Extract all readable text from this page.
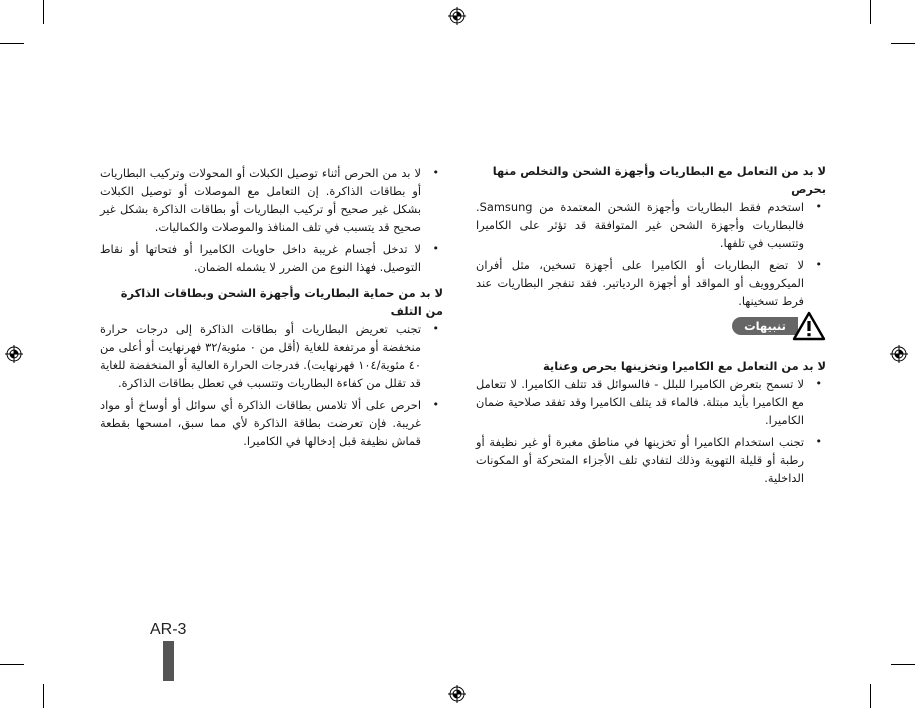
لا بد من التعامل مع البطاريات وأجهزة الشحن والتخلص منها بحرص

•
استخدم فقط البطاريات وأجهزة الشحن المعتمدة من Samsung. فالبطاريات وأجهزة الشحن غير المتوافقة قد تؤثر على الكاميرا وتتسبب في تلفها.
•
لا تضع البطاريات أو الكاميرا على أجهزة تسخين، مثل أفران الميكروويف أو المواقد أو أجهزة الردياتير. فقد تنفجر البطاريات عند فرط تسخينها.
تنبيهات

لا بد من التعامل مع الكاميرا وتخزينها بحرص وعناية

•
لا تسمح بتعرض الكاميرا للبلل - فالسوائل قد تتلف الكاميرا. لا تتعامل مع الكاميرا بأيد مبتلة. فالماء قد يتلف الكاميرا وقد تفقد صلاحية ضمان الكاميرا.
•
تجنب استخدام الكاميرا أو تخزينها في مناطق مغبرة أو غير نظيفة أو رطبة أو قليلة التهوية وذلك لتفادي تلف الأجزاء المتحركة أو المكونات الداخلية.
•
لا بد من الحرص أثناء توصيل الكبلات أو المحولات وتركيب البطاريات أو بطاقات الذاكرة. إن التعامل مع الموصلات أو توصيل الكبلات بشكل غير صحيح أو تركيب البطاريات أو بطاقات الذاكرة بشكل غير صحيح قد يتسبب في تلف المنافذ والموصلات والكماليات.
•
لا تدخل أجسام غريبة داخل حاويات الكاميرا أو فتحاتها أو نقاط التوصيل. فهذا النوع من الضرر لا يشمله الضمان.

لا بد من حماية البطاريات وأجهزة الشحن وبطاقات الذاكرة من التلف

•
تجنب تعريض البطاريات أو بطاقات الذاكرة إلى درجات حرارة منخفضة أو مرتفعة للغاية (أقل من ٠ مئوية/٣٢ فهرنهايت أو أعلى من ٤٠ مئوية/١٠٤ فهرنهايت). فدرجات الحرارة العالية أو المنخفضة للغاية قد تقلل من كفاءة البطاريات وتتسبب في تعطل بطاقات الذاكرة.
•
احرص على ألا تلامس بطاقات الذاكرة أي سوائل أو أوساخ أو مواد غريبة. فإن تعرضت بطاقة الذاكرة لأي مما سبق، امسحها بقطعة قماش نظيفة قبل إدخالها في الكاميرا.
AR-3
